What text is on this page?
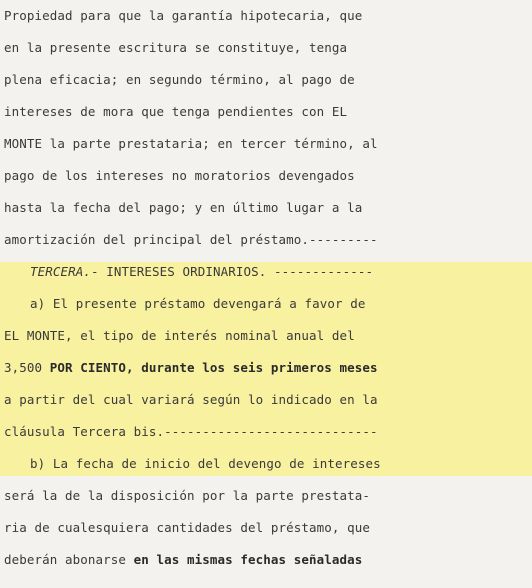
Propiedad para que la garantía hipotecaria, que
en la presente escritura se constituye, tenga
plena eficacia; en segundo término, al pago de
intereses de mora que tenga pendientes con EL
MONTE la parte prestataria; en tercer término, al
pago de los intereses no moratorios devengados
hasta la fecha del pago; y en último lugar a la
amortización del principal del préstamo.---------
TERCERA.- INTERESES ORDINARIOS. -------------
a) El presente préstamo devengará a favor de
EL MONTE, el tipo de interés nominal anual del
3,500 POR CIENTO, durante los seis primeros meses
a partir del cual variará según lo indicado en la
cláusula Tercera bis.----------------------------
b) La fecha de inicio del devengo de intereses
será la de la disposición por la parte prestata-
ria de cualesquiera cantidades del préstamo, que
deberán abonarse en las mismas fechas señaladas
